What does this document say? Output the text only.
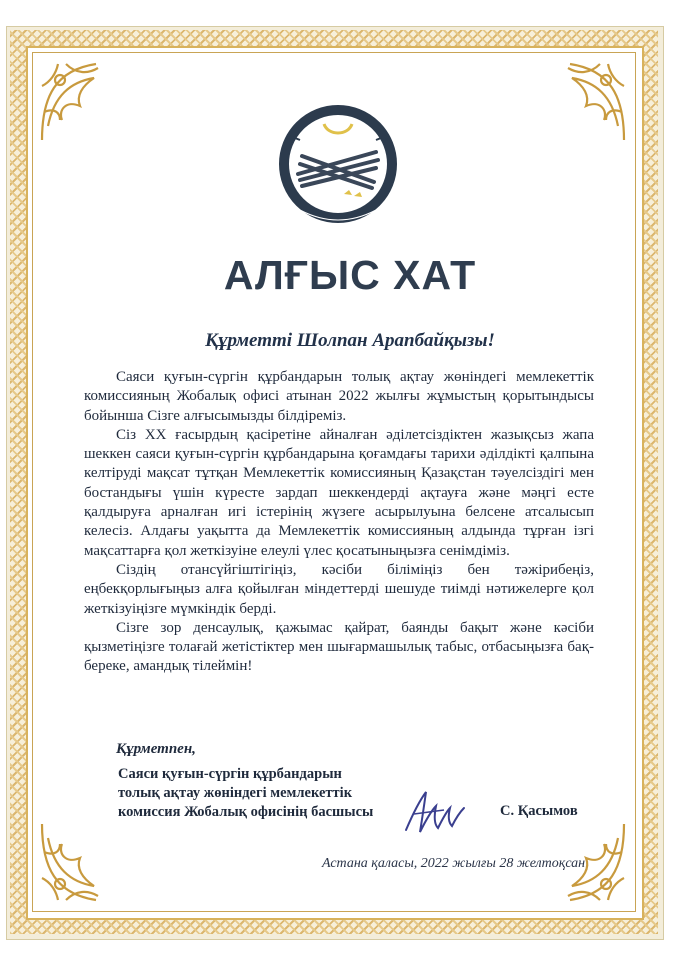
АЛҒЫС ХАТ
Құрметті Шолпан Арапбайқызы!

Саяси қуғын-сүргін құрбандарын толық ақтау жөніндегі мемлекеттік комиссияның Жобалық офисі атынан 2022 жылғы жұмыстың қорытындысы бойынша Сізге алғысымызды білдіреміз.

Сіз ХХ ғасырдың қасіретіне айналған әділетсіздіктен жазықсыз жапа шеккен саяси қуғын-сүргін құрбандарына қоғамдағы тарихи әділдікті қалпына келтіруді мақсат тұтқан Мемлекеттік комиссияның Қазақстан тәуелсіздігі мен бостандығы үшін күресте зардап шеккендерді ақтауға және мәңгі есте қалдыруға арналған игі істерінің жүзеге асырылуына белсене атсалысып келесіз. Алдағы уақытта да Мемлекеттік комиссияның алдында тұрған ізгі мақсаттарға қол жеткізуіне елеулі үлес қосатыныңызға сенімдіміз.

Сіздің отансүйгіштігіңіз, кәсіби біліміңіз бен тәжірибеңіз, еңбекқорлығыңыз алға қойылған міндеттерді шешуде тиімді нәтижелерге қол жеткізуіңізге мүмкіндік берді.

Сізге зор денсаулық, қажымас қайрат, баянды бақыт және кәсіби қызметіңізге толағай жетістіктер мен шығармашылық табыс, отбасыңызға бақ-береке, амандық тілеймін!

Құрметпен,
Саяси қуғын-сүргін құрбандарын
толық ақтау жөніндегі мемлекеттік
комиссия Жобалық офисінің басшысы	С. Қасымов
Астана қаласы, 2022 жылғы 28 желтоқсан
